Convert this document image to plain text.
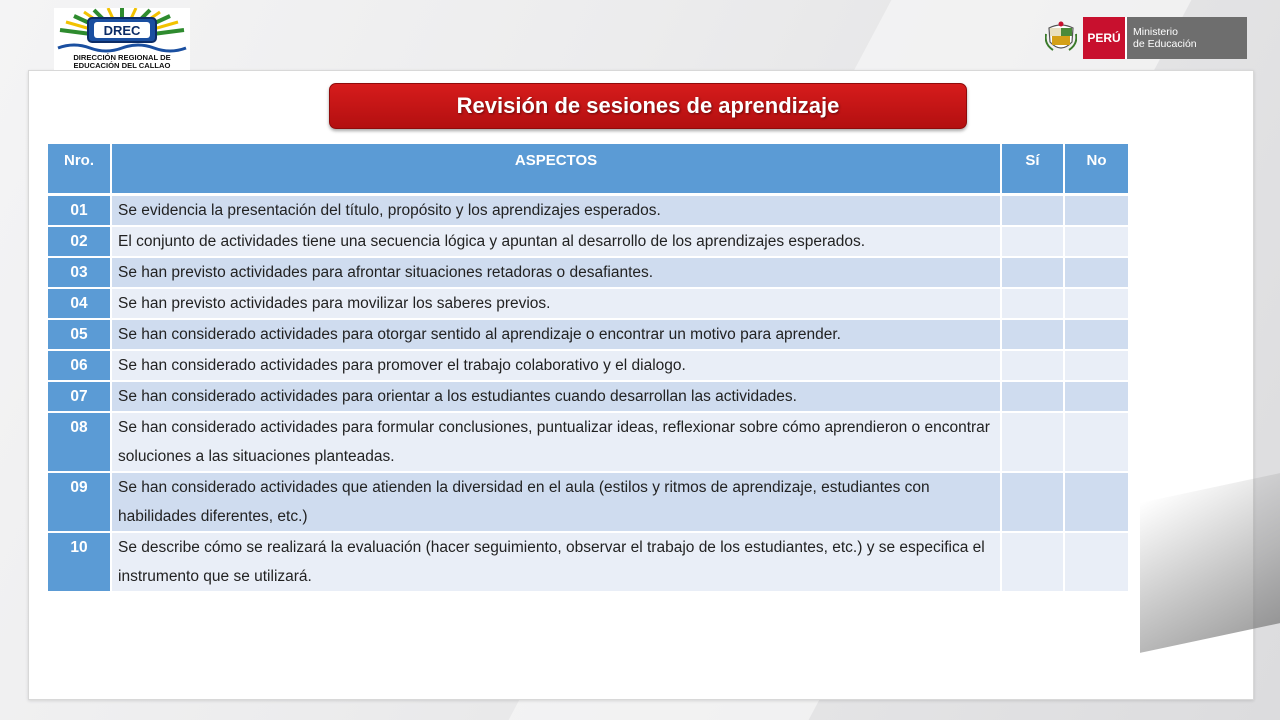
DREC
DIRECCIÓN REGIONAL DE
EDUCACIÓN DEL CALLAO
PERÚ	Ministerio
de Educación
Revisión de sesiones de aprendizaje
Nro.	ASPECTOS	Sí	No
01	Se evidencia la presentación del título, propósito y los aprendizajes esperados.		
02	El conjunto de actividades tiene una secuencia lógica y apuntan al desarrollo de los aprendizajes esperados.		
03	Se han previsto actividades para afrontar situaciones retadoras o desafiantes.		
04	Se han previsto actividades para movilizar los saberes previos.		
05	Se han considerado actividades para otorgar sentido al aprendizaje o encontrar un motivo para aprender.		
06	Se han considerado actividades para promover el trabajo colaborativo y el dialogo.		
07	Se han considerado actividades para orientar a los estudiantes cuando desarrollan las actividades.		
08	Se han considerado actividades para formular conclusiones, puntualizar ideas, reflexionar sobre cómo aprendieron o encontrar soluciones a las situaciones planteadas.		
09	Se han considerado actividades que atienden la diversidad en el aula (estilos y ritmos de aprendizaje, estudiantes con habilidades diferentes, etc.)		
10	Se describe cómo se realizará la evaluación (hacer seguimiento, observar el trabajo de los estudiantes, etc.) y se especifica el instrumento que se utilizará.		
